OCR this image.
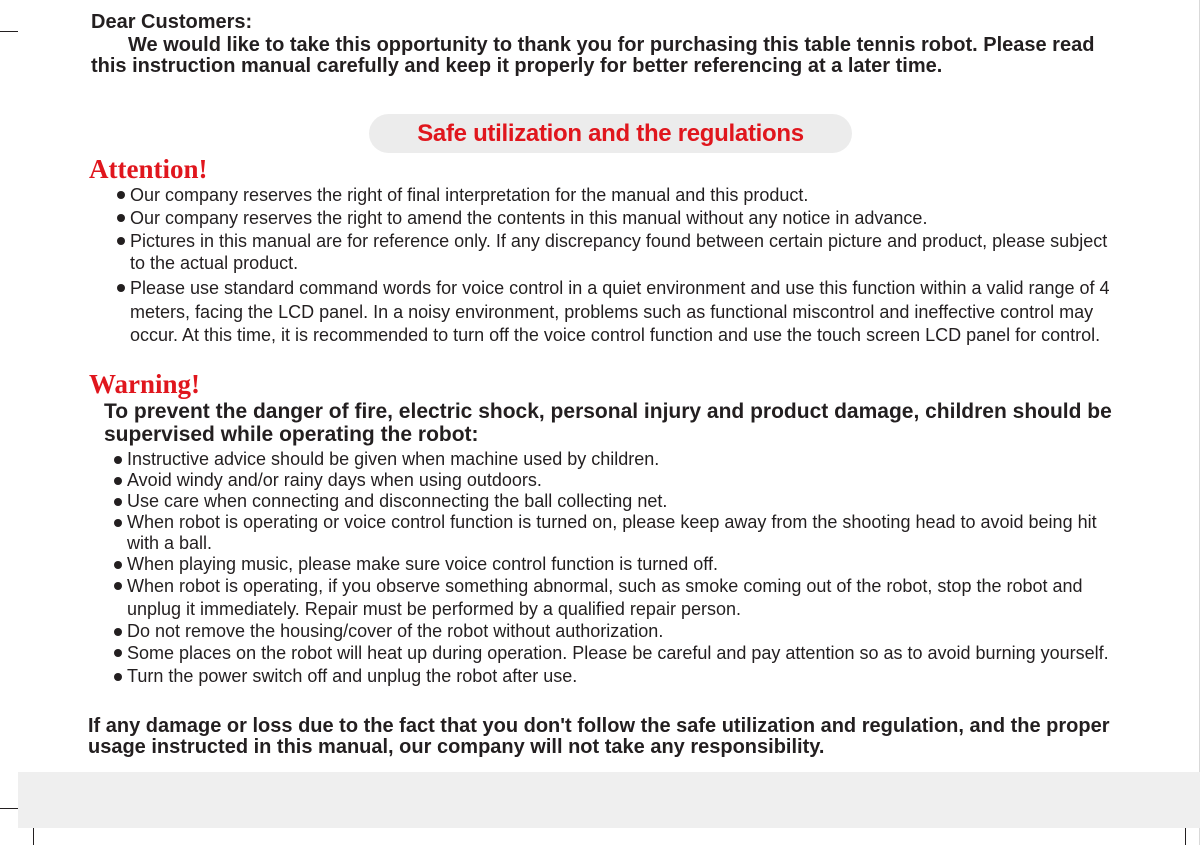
Dear Customers:
We would like to take this opportunity to thank you for purchasing this table tennis robot. Please read this instruction manual carefully and keep it properly for better referencing at a later time.
Safe utilization and the regulations
Attention!
Our company reserves the right of final interpretation for the manual and this product.
Our company reserves the right to amend the contents in this manual without any notice in advance.
Pictures in this manual are for reference only. If any discrepancy found between certain picture and product, please subject to the actual product.
Please use standard command words for voice control in a quiet environment and use this function within a valid range of 4 meters, facing the LCD panel. In a noisy environment, problems such as functional miscontrol and ineffective control may occur. At this time, it is recommended to turn off the voice control function and use the touch screen LCD panel for control.
Warning!
To prevent the danger of fire, electric shock, personal injury and product damage, children should be supervised while operating the robot:
Instructive advice should be given when machine used by children.
Avoid windy and/or rainy days when using outdoors.
Use care when connecting and disconnecting the ball collecting net.
When robot is operating or voice control function is turned on, please keep away from the shooting head to avoid being hit with a ball.
When playing music, please make sure voice control function is turned off.
When robot is operating, if you observe something abnormal, such as smoke coming out of the robot, stop the robot and unplug it immediately. Repair must be performed by a qualified repair person.
Do not remove the housing/cover of the robot without authorization.
Some places on the robot will heat up during operation. Please be careful and pay attention so as to avoid burning yourself.
Turn the power switch off and unplug the robot after use.
If any damage or loss due to the fact that you don't follow the safe utilization and regulation, and the proper usage instructed in this manual, our company will not take any responsibility.
